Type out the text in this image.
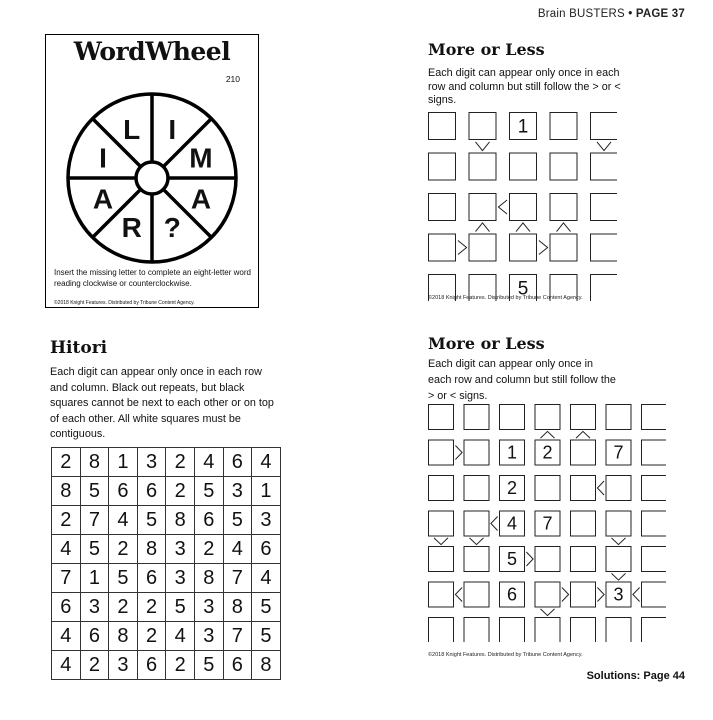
Brain BUSTERS • PAGE 37
WordWheel
210
I
M
A
?
R
A
I
L
Insert the missing letter to complete an eight-letter word reading clockwise or counterclockwise.
©2018 Knight Features. Distributed by Tribune Content Agency.
More or Less
Each digit can appear only once in each row and column but still follow the > or < signs.
1
5
©2018 Knight Features. Distributed by Tribune Content Agency.
Hitori
Each digit can appear only once in each row and column. Black out repeats, but black squares cannot be next to each other or on top of each other. All white squares must be contiguous.
2	8	1	3	2	4	6	4
8	5	6	6	2	5	3	1
2	7	4	5	8	6	5	3
4	5	2	8	3	2	4	6
7	1	5	6	3	8	7	4
6	3	2	2	5	3	8	5
4	6	8	2	4	3	7	5
4	2	3	6	2	5	6	8
More or Less
Each digit can appear only once in each row and column but still follow the > or < signs.
1 2	7
2
4 7
5
6	3
©2018 Knight Features. Distributed by Tribune Content Agency.
Solutions: Page 44
